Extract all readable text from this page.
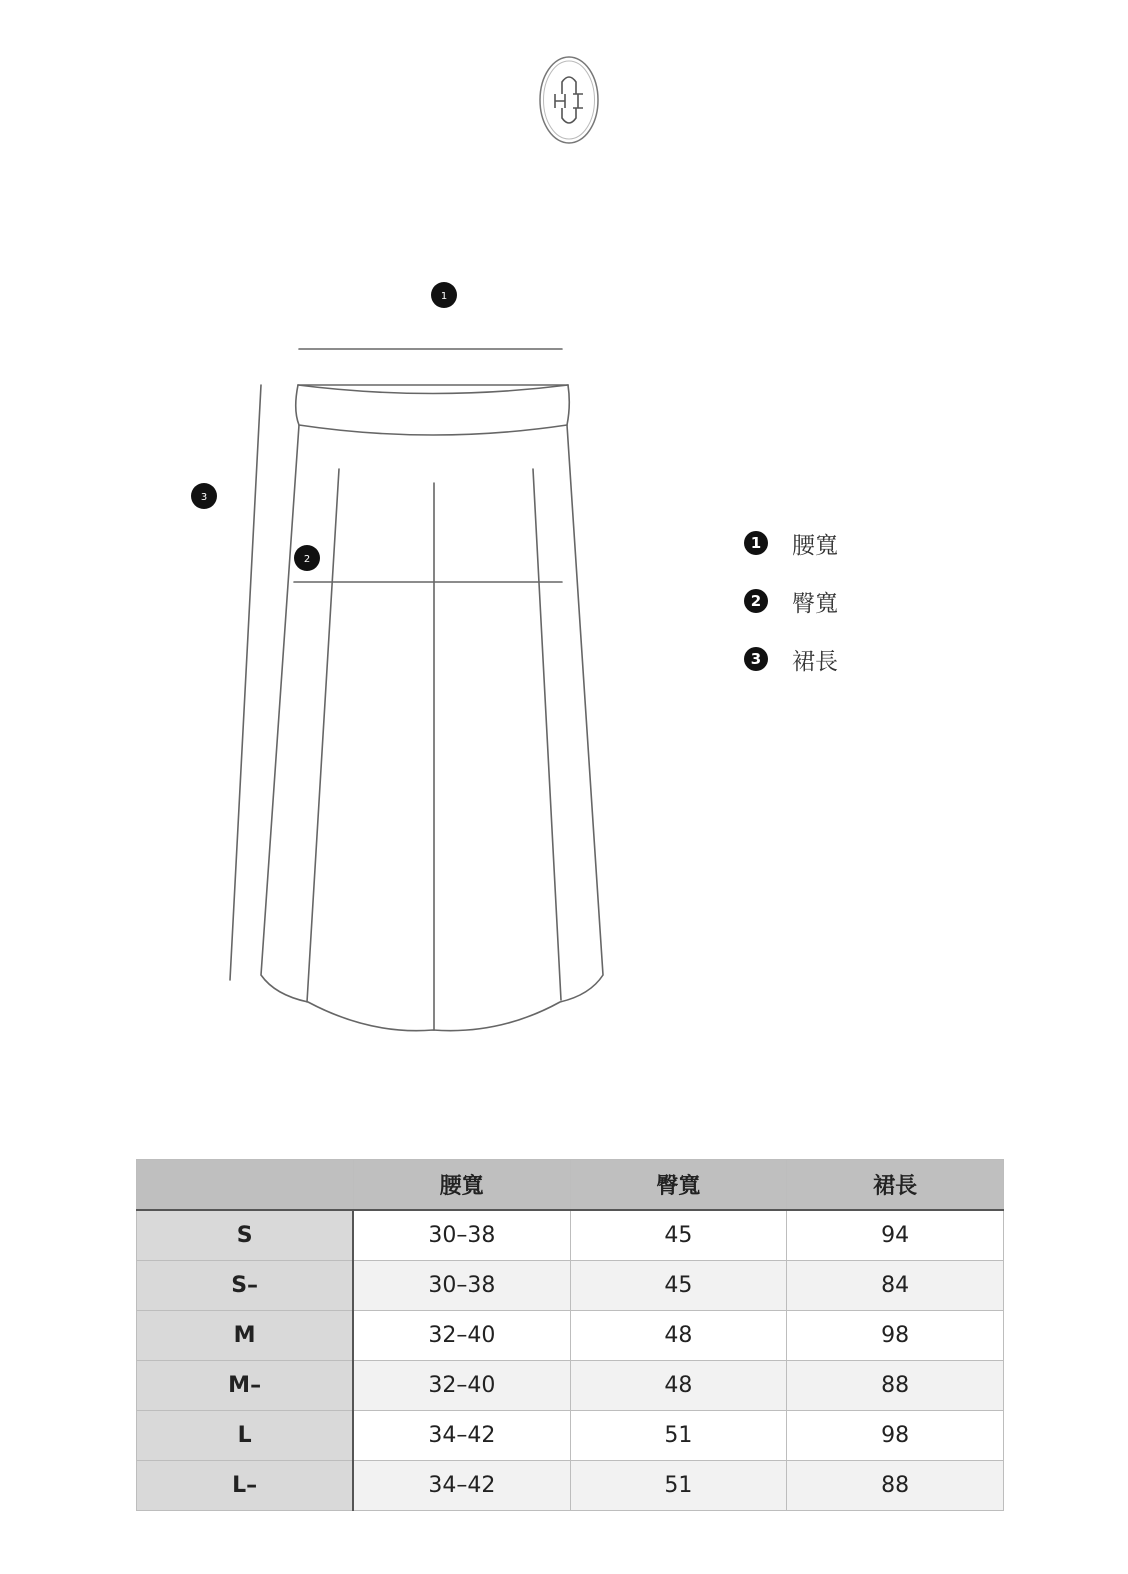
1
2
3
1 腰寬
2 臀寬
3 裙長
	腰寬	臀寬	裙長
S	30–38	45	94
S–	30–38	45	84
M	32–40	48	98
M–	32–40	48	88
L	34–42	51	98
L–	34–42	51	88
